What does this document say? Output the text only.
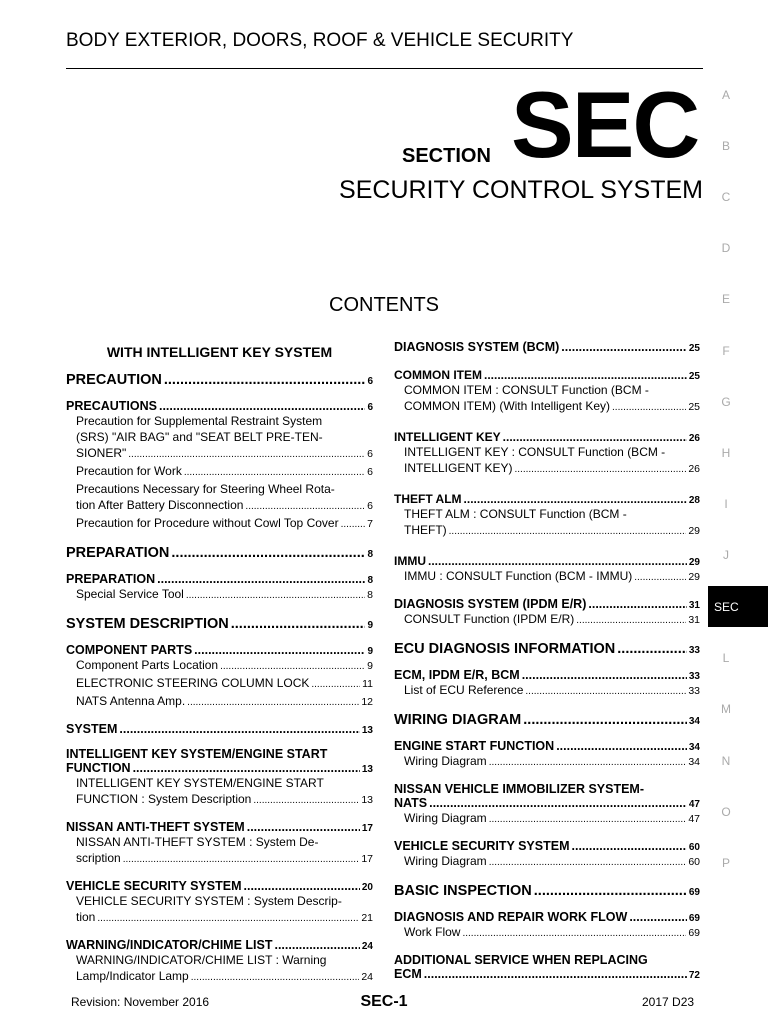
BODY EXTERIOR, DOORS, ROOF & VEHICLE SECURITY
SECTION SEC
SECURITY CONTROL SYSTEM
CONTENTS
WITH INTELLIGENT KEY SYSTEM
PRECAUTION .....	6
PRECAUTIONS .....	6
Precaution for Supplemental Restraint System
(SRS) "AIR BAG" and "SEAT BELT PRE-TEN-
SIONER" .....	6
Precaution for Work .....	6
Precautions Necessary for Steering Wheel Rota-
tion After Battery Disconnection .....	6
Precaution for Procedure without Cowl Top Cover .....	7
PREPARATION .....	8
PREPARATION .....	8
Special Service Tool .....	8
SYSTEM DESCRIPTION .....	9
COMPONENT PARTS .....	9
Component Parts Location .....	9
ELECTRONIC STEERING COLUMN LOCK .....	11
NATS Antenna Amp. .....	12
SYSTEM .....	13
INTELLIGENT KEY SYSTEM/ENGINE START
FUNCTION .....	13
INTELLIGENT KEY SYSTEM/ENGINE START
FUNCTION : System Description .....	13
NISSAN ANTI-THEFT SYSTEM .....	17
NISSAN ANTI-THEFT SYSTEM : System De-
scription .....	17
VEHICLE SECURITY SYSTEM .....	20
VEHICLE SECURITY SYSTEM : System Descrip-
tion .....	21
WARNING/INDICATOR/CHIME LIST .....	24
WARNING/INDICATOR/CHIME LIST : Warning
Lamp/Indicator Lamp .....	24
DIAGNOSIS SYSTEM (BCM) .....	25
COMMON ITEM .....	25
COMMON ITEM : CONSULT Function (BCM -
COMMON ITEM) (With Intelligent Key) .....	25
INTELLIGENT KEY .....	26
INTELLIGENT KEY : CONSULT Function (BCM -
INTELLIGENT KEY) .....	26
THEFT ALM .....	28
THEFT ALM : CONSULT Function (BCM -
THEFT) .....	29
IMMU .....	29
IMMU : CONSULT Function (BCM - IMMU) .....	29
DIAGNOSIS SYSTEM (IPDM E/R) .....	31
CONSULT Function (IPDM E/R) .....	31
ECU DIAGNOSIS INFORMATION .....	33
ECM, IPDM E/R, BCM .....	33
List of ECU Reference .....	33
WIRING DIAGRAM .....	34
ENGINE START FUNCTION .....	34
Wiring Diagram .....	34
NISSAN VEHICLE IMMOBILIZER SYSTEM-
NATS .....	47
Wiring Diagram .....	47
VEHICLE SECURITY SYSTEM .....	60
Wiring Diagram .....	60
BASIC INSPECTION .....	69
DIAGNOSIS AND REPAIR WORK FLOW .....	69
Work Flow .....	69
ADDITIONAL SERVICE WHEN REPLACING
ECM .....	72
A
B
C
D
E
F
G
H
I
J
SEC
L
M
N
O
P
Revision: November 2016	SEC-1	2017 D23
